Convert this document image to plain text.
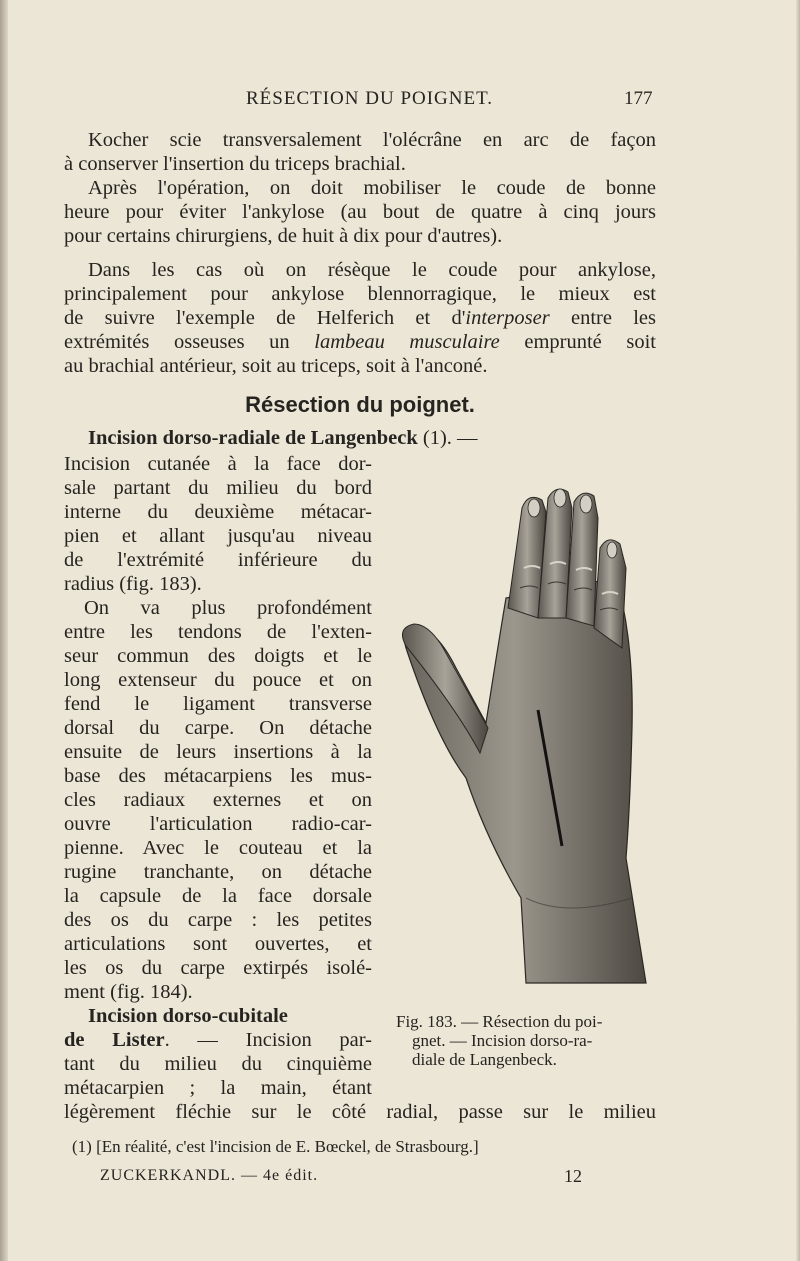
RÉSECTION DU POIGNET.	177
Kocher scie transversalement l'olécrâne en arc de façon
à conserver l'insertion du triceps brachial.
Après l'opération, on doit mobiliser le coude de bonne
heure pour éviter l'ankylose (au bout de quatre à cinq jours
pour certains chirurgiens, de huit à dix pour d'autres).
Dans les cas où on résèque le coude pour ankylose,
principalement pour ankylose blennorragique, le mieux est
de suivre l'exemple de Helferich et d'interposer entre les
extrémités osseuses un lambeau musculaire emprunté soit
au brachial antérieur, soit au triceps, soit à l'anconé.
Résection du poignet.
Incision dorso-radiale de Langenbeck (1). —
Incision cutanée à la face dor-
sale partant du milieu du bord
interne du deuxième métacar-
pien et allant jusqu'au niveau
de l'extrémité inférieure du
radius (fig. 183).
On va plus profondément
entre les tendons de l'exten-
seur commun des doigts et le
long extenseur du pouce et on
fend le ligament transverse
dorsal du carpe. On détache
ensuite de leurs insertions à la
base des métacarpiens les mus-
cles radiaux externes et on
ouvre l'articulation radio-car-
pienne. Avec le couteau et la
rugine tranchante, on détache
la capsule de la face dorsale
des os du carpe : les petites
articulations sont ouvertes, et
les os du carpe extirpés isolé-
ment (fig. 184).
Incision dorso-cubitale
de Lister. — Incision par-
tant du milieu du cinquième
métacarpien ; la main, étant
légèrement fléchie sur le côté radial, passe sur le milieu
Fig. 183. — Résection du poi-
gnet. — Incision dorso-ra-
diale de Langenbeck.
(1) [En réalité, c'est l'incision de E. Bœckel, de Strasbourg.]
ZUCKERKANDL. — 4e édit.	12
